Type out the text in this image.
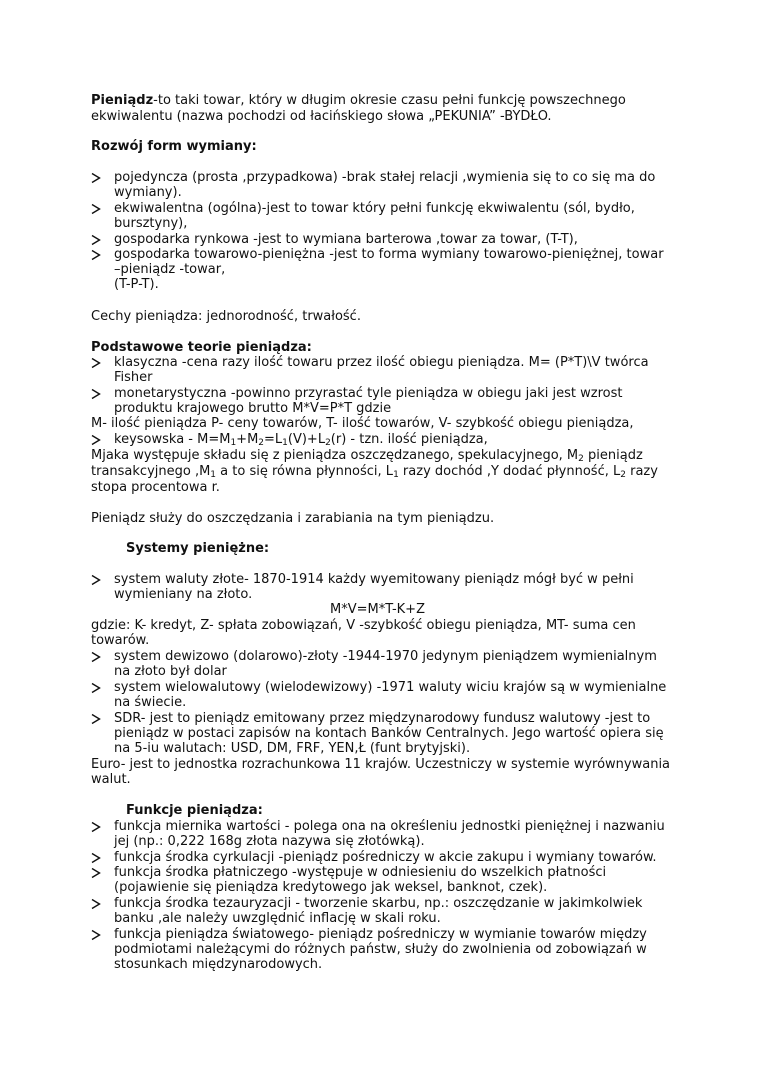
Pieniądz-to taki towar, który w długim okresie czasu pełni funkcję powszechnego
ekwiwalentu (nazwa pochodzi od łacińskiego słowa „PEKUNIA” -BYDŁO.
Rozwój form wymiany:
pojedyncza (prosta ,przypadkowa) -brak stałej relacji ,wymienia się to co się ma do
wymiany).
ekwiwalentna (ogólna)-jest to towar który pełni funkcję ekwiwalentu (sól, bydło,
bursztyny),
gospodarka rynkowa -jest to wymiana barterowa ,towar za towar, (T-T),
gospodarka towarowo-pieniężna -jest to forma wymiany towarowo-pieniężnej, towar
–pieniądz -towar,
(T-P-T).
Cechy pieniądza: jednorodność, trwałość.
Podstawowe teorie pieniądza:
klasyczna -cena razy ilość towaru przez ilość obiegu pieniądza. M= (P*T)\V twórca
Fisher
monetarystyczna -powinno przyrastać tyle pieniądza w obiegu jaki jest wzrost
produktu krajowego brutto M*V=P*T gdzie
M- ilość pieniądza P- ceny towarów, T- ilość towarów, V- szybkość obiegu pieniądza,
keysowska - $M=M_1+M_2=L_1(V)+L_2(r)$ - tzn. ilość pieniądza,
Mjaka występuje składu się z pieniądza oszczędzanego, spekulacyjnego, $M_2$ pieniądz
transakcyjnego $,M_1$ a to się równa płynności, $L_1$ razy dochód ,Y dodać płynność, $L_2$ razy
stopa procentowa r.
Pieniądz służy do oszczędzania i zarabiania na tym pieniądzu.
Systemy pieniężne:
system waluty złote- 1870-1914 każdy wyemitowany pieniądz mógł być w pełni
wymieniany na złoto.
M*V=M*T-K+Z
gdzie: K- kredyt, Z- spłata zobowiązań, V -szybkość obiegu pieniądza, MT- suma cen
towarów.
system dewizowo (dolarowo)-złoty -1944-1970 jedynym pieniądzem wymienialnym
na złoto był dolar
system wielowalutowy (wielodewizowy) -1971 waluty wiciu krajów są w wymienialne
na świecie.
SDR- jest to pieniądz emitowany przez międzynarodowy fundusz walutowy -jest to
pieniądz w postaci zapisów na kontach Banków Centralnych. Jego wartość opiera się
na 5-iu walutach: USD, DM, FRF, YEN,Ł (funt brytyjski).
Euro- jest to jednostka rozrachunkowa 11 krajów. Uczestniczy w systemie wyrównywania
walut.
Funkcje pieniądza:
funkcja miernika wartości - polega ona na określeniu jednostki pieniężnej i nazwaniu
jej (np.: 0,222 168g złota nazywa się złotówką).
funkcja środka cyrkulacji -pieniądz pośredniczy w akcie zakupu i wymiany towarów.
funkcja środka płatniczego -występuje w odniesieniu do wszelkich płatności
(pojawienie się pieniądza kredytowego jak weksel, banknot, czek).
funkcja środka tezauryzacji - tworzenie skarbu, np.: oszczędzanie w jakimkolwiek
banku ,ale należy uwzględnić inflację w skali roku.
funkcja pieniądza światowego- pieniądz pośredniczy w wymianie towarów między
podmiotami należącymi do różnych państw, służy do zwolnienia od zobowiązań w
stosunkach międzynarodowych.
